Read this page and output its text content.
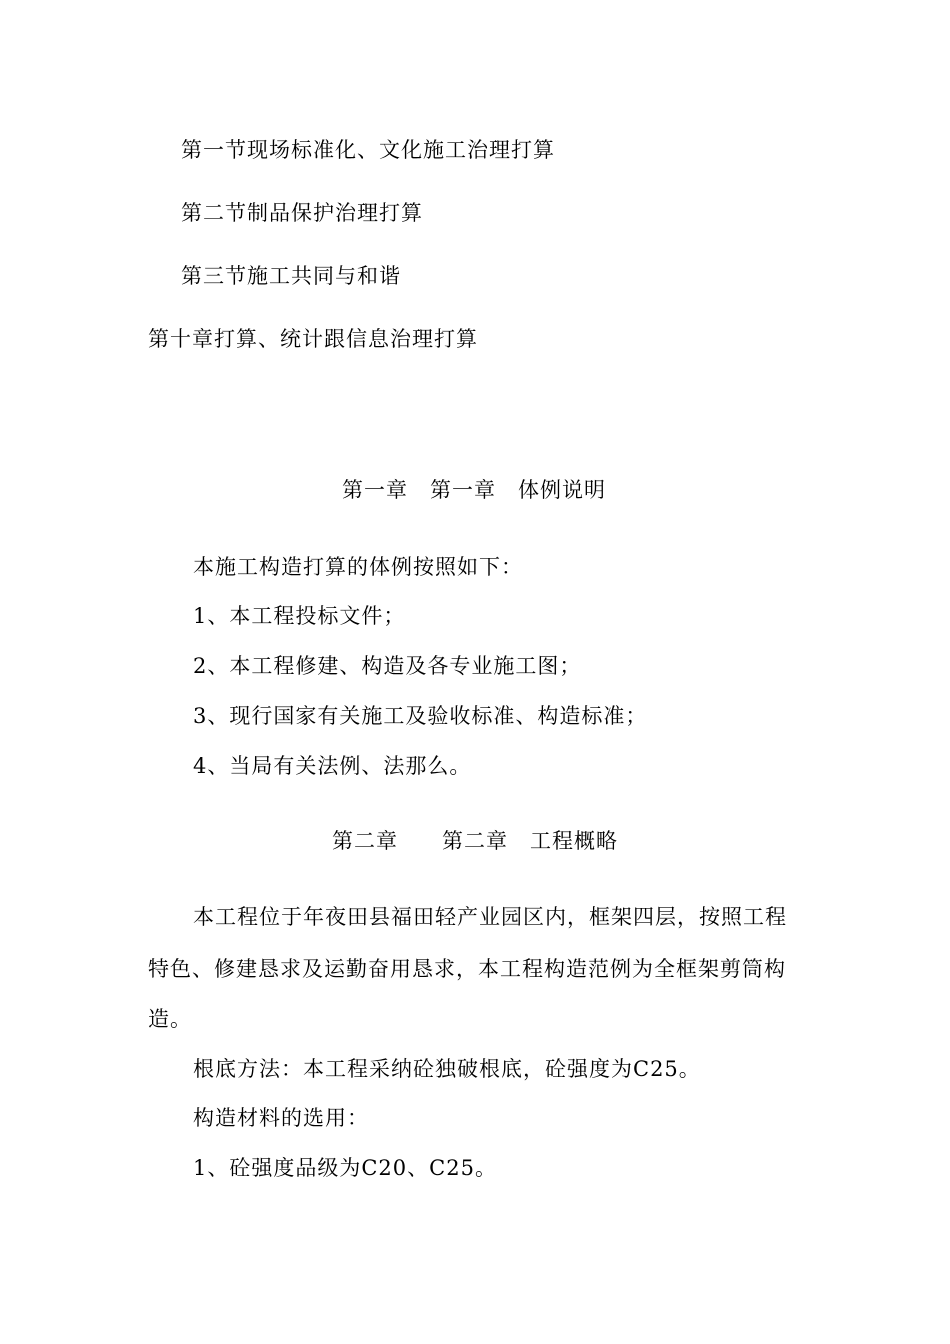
第一节现场标准化、文化施工治理打算
第二节制品保护治理打算
第三节施工共同与和谐
第十章打算、统计跟信息治理打算
第一章 第一章 体例说明
本施工构造打算的体例按照如下：
1、本工程投标文件；
2、本工程修建、构造及各专业施工图；
3、现行国家有关施工及验收标准、构造标准；
4、当局有关法例、法那么。
第二章 第二章 工程概略
本工程位于年夜田县福田轻产业园区内，框架四层，按照工程
特色、修建恳求及运勤奋用恳求，本工程构造范例为全框架剪筒构
造。
根底方法：本工程采纳砼独破根底，砼强度为C25。
构造材料的选用：
1、砼强度品级为C20、C25。
